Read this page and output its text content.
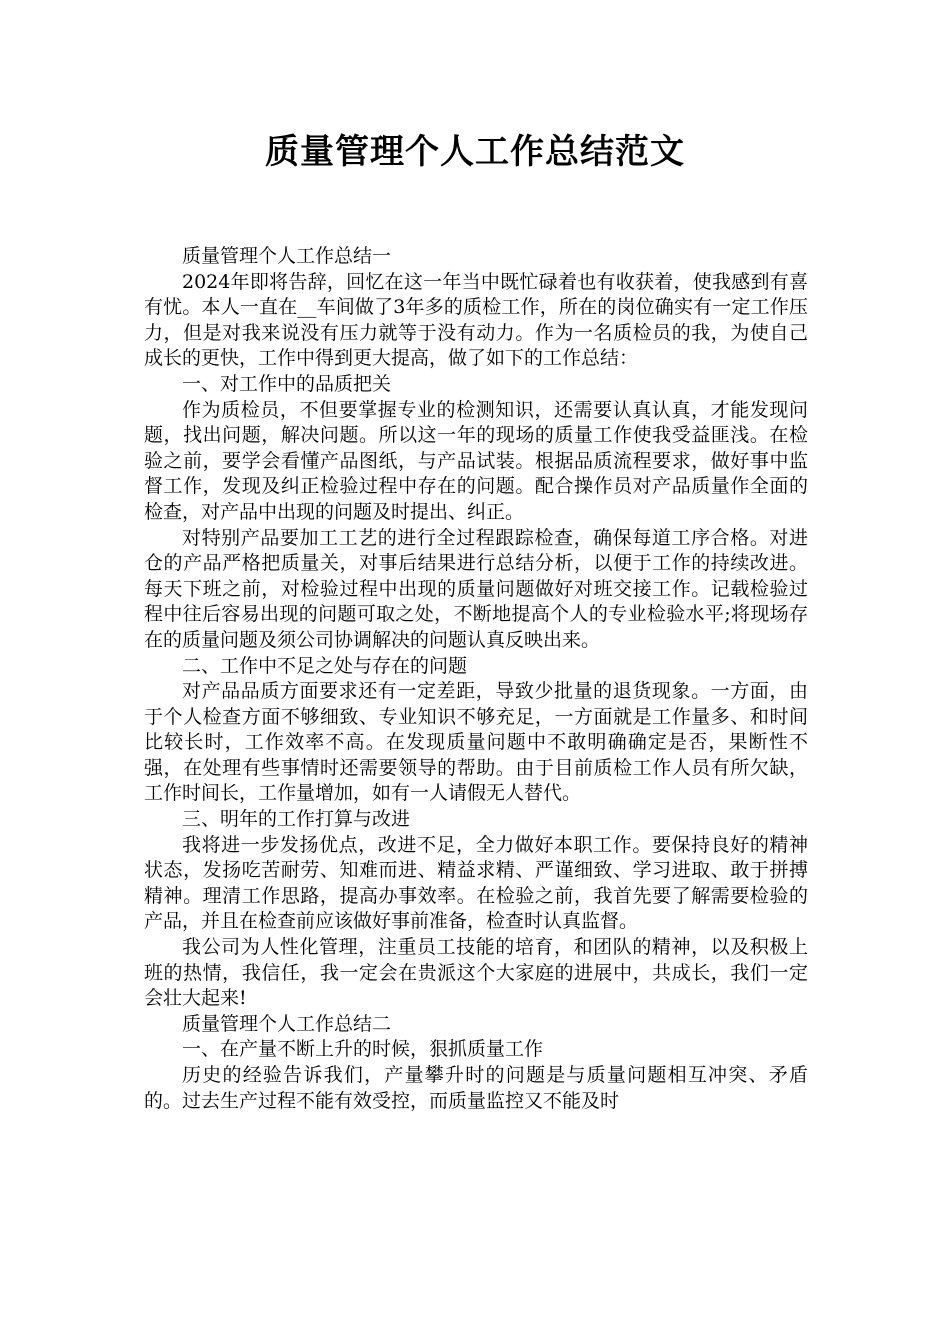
质量管理个人工作总结范文

质量管理个人工作总结一

2024年即将告辞，回忆在这一年当中既忙碌着也有收获着，使我感到有喜有忧。本人一直在__车间做了3年多的质检工作，所在的岗位确实有一定工作压力，但是对我来说没有压力就等于没有动力。作为一名质检员的我，为使自己成长的更快，工作中得到更大提高，做了如下的工作总结：

一、对工作中的品质把关

作为质检员，不但要掌握专业的检测知识，还需要认真认真，才能发现问题，找出问题，解决问题。所以这一年的现场的质量工作使我受益匪浅。在检验之前，要学会看懂产品图纸，与产品试装。根据品质流程要求，做好事中监督工作，发现及纠正检验过程中存在的问题。配合操作员对产品质量作全面的检查，对产品中出现的问题及时提出、纠正。

对特别产品要加工工艺的进行全过程跟踪检查，确保每道工序合格。对进仓的产品严格把质量关，对事后结果进行总结分析，以便于工作的持续改进。每天下班之前，对检验过程中出现的质量问题做好对班交接工作。记载检验过程中往后容易出现的问题可取之处，不断地提高个人的专业检验水平;将现场存在的质量问题及须公司协调解决的问题认真反映出来。

二、工作中不足之处与存在的问题

对产品品质方面要求还有一定差距，导致少批量的退货现象。一方面，由于个人检查方面不够细致、专业知识不够充足，一方面就是工作量多、和时间比较长时，工作效率不高。在发现质量问题中不敢明确确定是否，果断性不强，在处理有些事情时还需要领导的帮助。由于目前质检工作人员有所欠缺，工作时间长，工作量增加，如有一人请假无人替代。

三、明年的工作打算与改进

我将进一步发扬优点，改进不足，全力做好本职工作。要保持良好的精神状态，发扬吃苦耐劳、知难而进、精益求精、严谨细致、学习进取、敢于拼搏精神。理清工作思路，提高办事效率。在检验之前，我首先要了解需要检验的产品，并且在检查前应该做好事前准备，检查时认真监督。

我公司为人性化管理，注重员工技能的培育，和团队的精神，以及积极上班的热情，我信任，我一定会在贵派这个大家庭的进展中，共成长，我们一定会壮大起来!

质量管理个人工作总结二

一、在产量不断上升的时候，狠抓质量工作

历史的经验告诉我们，产量攀升时的问题是与质量问题相互冲突、矛盾的。过去生产过程不能有效受控，而质量监控又不能及时
